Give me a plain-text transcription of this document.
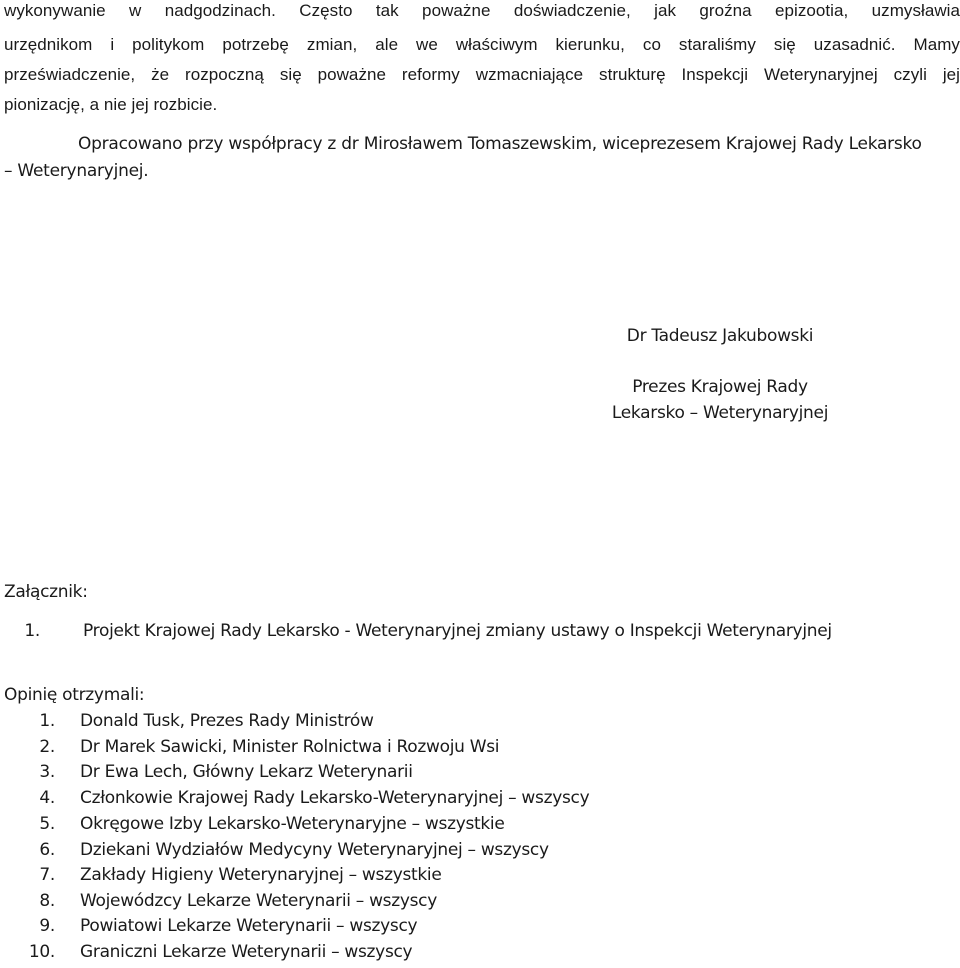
wykonywanie w nadgodzinach. Często tak poważne doświadczenie, jak groźna epizootia, uzmysławia
urzędnikom i politykom potrzebę zmian, ale we właściwym kierunku, co staraliśmy się uzasadnić. Mamy
przeświadczenie, że rozpoczną się poważne reformy wzmacniające strukturę Inspekcji Weterynaryjnej czyli jej
pionizację, a nie jej rozbicie.
Opracowano przy współpracy z dr Mirosławem Tomaszewskim, wiceprezesem Krajowej Rady Lekarsko
– Weterynaryjnej.
Dr Tadeusz Jakubowski
Prezes Krajowej Rady
Lekarsko – Weterynaryjnej
Załącznik:
1.	Projekt Krajowej Rady Lekarsko - Weterynaryjnej zmiany ustawy o Inspekcji Weterynaryjnej
Opinię otrzymali:
1. Donald Tusk, Prezes Rady Ministrów
2. Dr Marek Sawicki, Minister Rolnictwa i Rozwoju Wsi
3. Dr Ewa Lech, Główny Lekarz Weterynarii
4. Członkowie Krajowej Rady Lekarsko-Weterynaryjnej – wszyscy
5. Okręgowe Izby Lekarsko-Weterynaryjne – wszystkie
6. Dziekani Wydziałów Medycyny Weterynaryjnej – wszyscy
7. Zakłady Higieny Weterynaryjnej – wszystkie
8. Wojewódzcy Lekarze Weterynarii – wszyscy
9. Powiatowi Lekarze Weterynarii – wszyscy
10. Graniczni Lekarze Weterynarii – wszyscy
